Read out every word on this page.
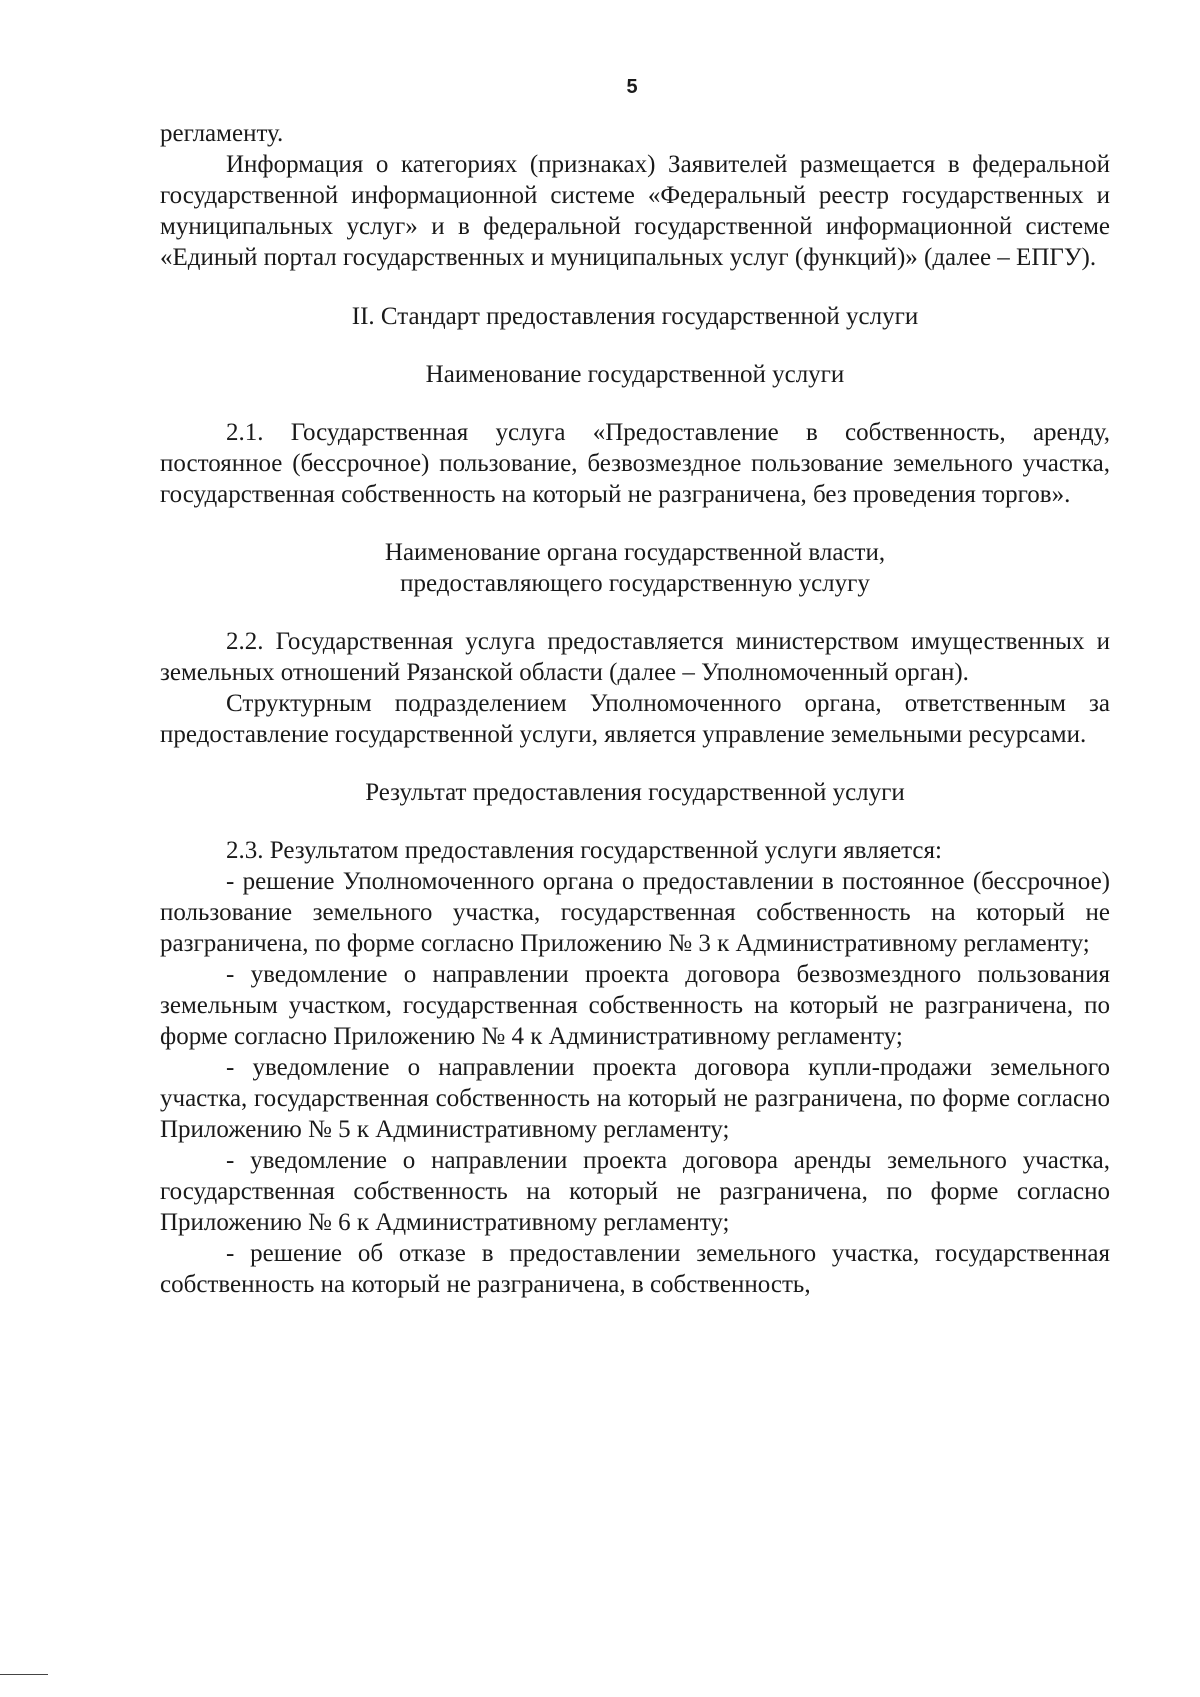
5

регламенту.

Информация о категориях (признаках) Заявителей размещается в федеральной государственной информационной системе «Федеральный реестр государственных и муниципальных услуг» и в федеральной государственной информационной системе «Единый портал государственных и муниципальных услуг (функций)» (далее – ЕПГУ).

II. Стандарт предоставления государственной услуги

Наименование государственной услуги

2.1. Государственная услуга «Предоставление в собственность, аренду, постоянное (бессрочное) пользование, безвозмездное пользование земельного участка, государственная собственность на который не разграничена, без проведения торгов».

Наименование органа государственной власти,
предоставляющего государственную услугу

2.2. Государственная услуга предоставляется министерством имущественных и земельных отношений Рязанской области (далее – Уполномоченный орган).

Структурным подразделением Уполномоченного органа, ответственным за предоставление государственной услуги, является управление земельными ресурсами.

Результат предоставления государственной услуги

2.3. Результатом предоставления государственной услуги является:

- решение Уполномоченного органа о предоставлении в постоянное (бессрочное) пользование земельного участка, государственная собственность на который не разграничена, по форме согласно Приложению № 3 к Административному регламенту;

- уведомление о направлении проекта договора безвозмездного пользования земельным участком, государственная собственность на который не разграничена, по форме согласно Приложению № 4 к Административному регламенту;

- уведомление о направлении проекта договора купли-продажи земельного участка, государственная собственность на который не разграничена, по форме согласно Приложению № 5 к Административному регламенту;

- уведомление о направлении проекта договора аренды земельного участка, государственная собственность на который не разграничена, по форме согласно Приложению № 6 к Административному регламенту;

- решение об отказе в предоставлении земельного участка, государственная собственность на который не разграничена, в собственность,
